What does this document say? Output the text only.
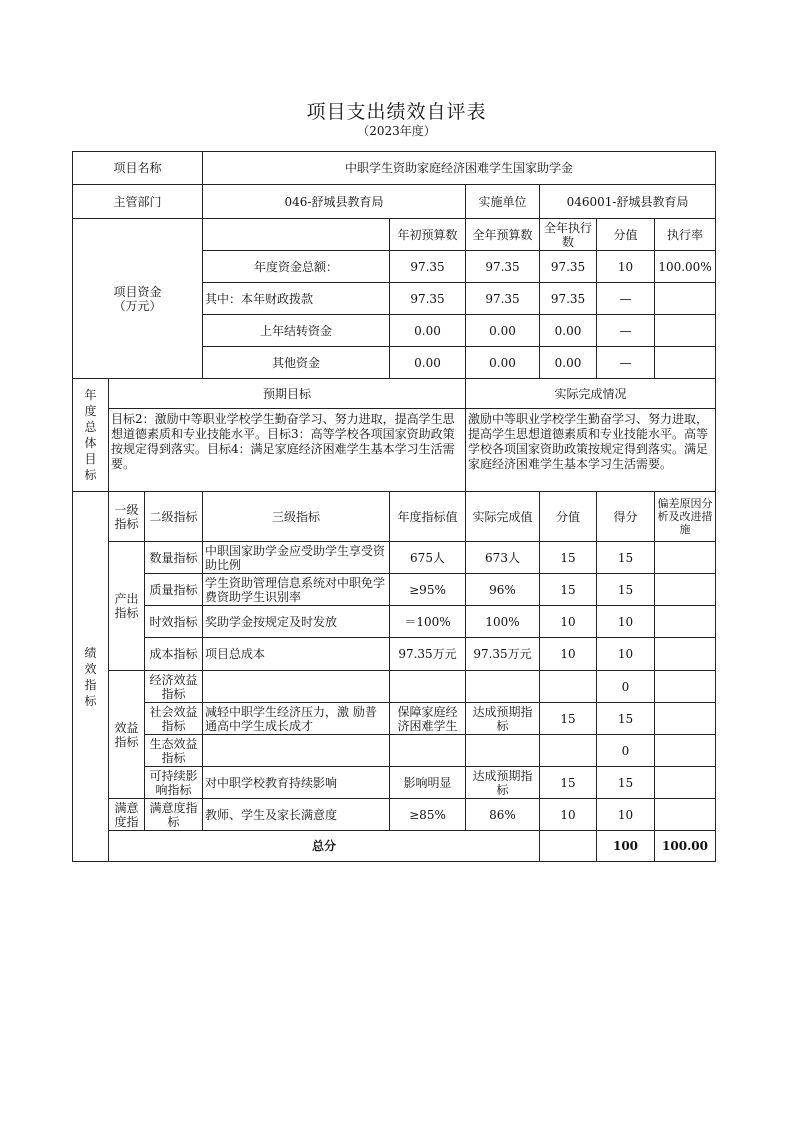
项目支出绩效自评表
（2023年度）
项目名称			中职学生资助家庭经济困难学生国家助学金						
主管部门			046-舒城县教育局		实施单位	046001-舒城县教育局			
项目资金
（万元）				年初预算数	全年预算数	全年执行数	分值	执行率	
			年度资金总额：	97.35	97.35	97.35	10	100.00%	
			其中：本年财政拨款	97.35	97.35	97.35	—		
			上年结转资金	0.00	0.00	0.00	—		
			其他资金	0.00	0.00	0.00	—		
年度总体目标	预期目标				实际完成情况				
	目标2：激励中等职业学校学生勤奋学习、努力进取，提高学生思想道德素质和专业技能水平。目标3：高等学校各项国家资助政策按规定得到落实。目标4：满足家庭经济困难学生基本学习生活需要。				激励中等职业学校学生勤奋学习、努力进取，提高学生思想道德素质和专业技能水平。高等学校各项国家资助政策按规定得到落实。满足家庭经济困难学生基本学习生活需要。				
绩效指标	一级指标	二级指标	三级指标	年度指标值	实际完成值	分值	得分	偏差原因分析及改进措施	
	产出指标	数量指标	中职国家助学金应受助学生享受资助比例	675人	673人	15	15		
		质量指标	学生资助管理信息系统对中职免学费资助学生识别率	≥95%	96%	15	15		
		时效指标	奖助学金按规定及时发放	＝100%	100%	10	10		
		成本指标	项目总成本	97.35万元	97.35万元	10	10		
	效益指标	经济效益指标					0		
		社会效益指标	减轻中职学生经济压力，激 励普通高中学生成长成才	保障家庭经济困难学生	达成预期指标	15	15		
		生态效益指标					0		
		可持续影响指标	对中职学校教育持续影响	影响明显	达成预期指标	15	15		
	满意度指	满意度指标	教师、学生及家长满意度	≥85%	86%	10	10		
	总分						100	100.00	
